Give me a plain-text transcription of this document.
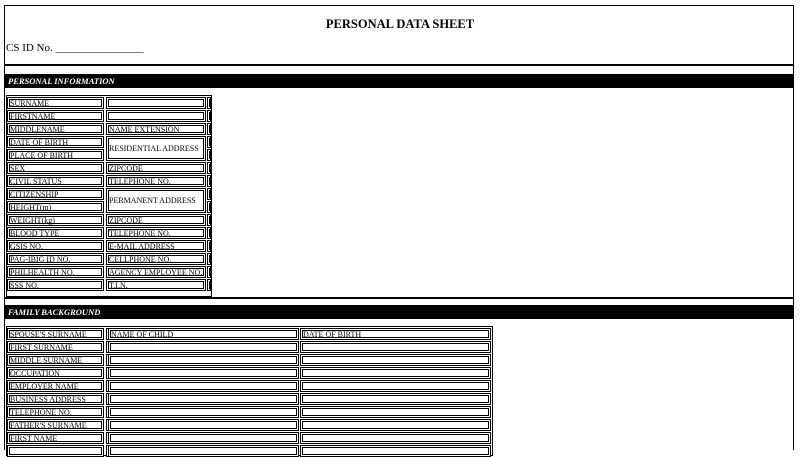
PERSONAL DATA SHEET
CS ID No. ________________
PERSONAL INFORMATION
SURNAME
FIRSTNAME
MIDDLENAME
DATE OF BIRTH
PLACE OF BIRTH
SEX
CIVIL STATUS
CITIZENSHIP
HEIGHT(m)
WEIGHT(kg)
BLOOD TYPE
GSIS NO.
PAG-IBIG ID NO.
PHILHEALTH NO.
SSS NO.
NAME EXTENSION
RESIDENTIAL ADDRESS
ZIPCODE
TELEPHONE NO.
PERMANENT ADDRESS
ZIPCODE
TELEPHONE NO.
E-MAIL ADDRESS
CELLPHONE NO.
AGENCY EMPLOYEE NO.
T.I.N.
FAMILY BACKGROUND
SPOUSE'S SURNAME	NAME OF CHILD	DATE OF BIRTH
FIRST SURNAME
MIDDLE SURNAME
OCCUPATION
EMPLOYER NAME
BUSINESS ADDRESS
TELEPHONE NO.
FATHER'S SURNAME
FIRST NAME
